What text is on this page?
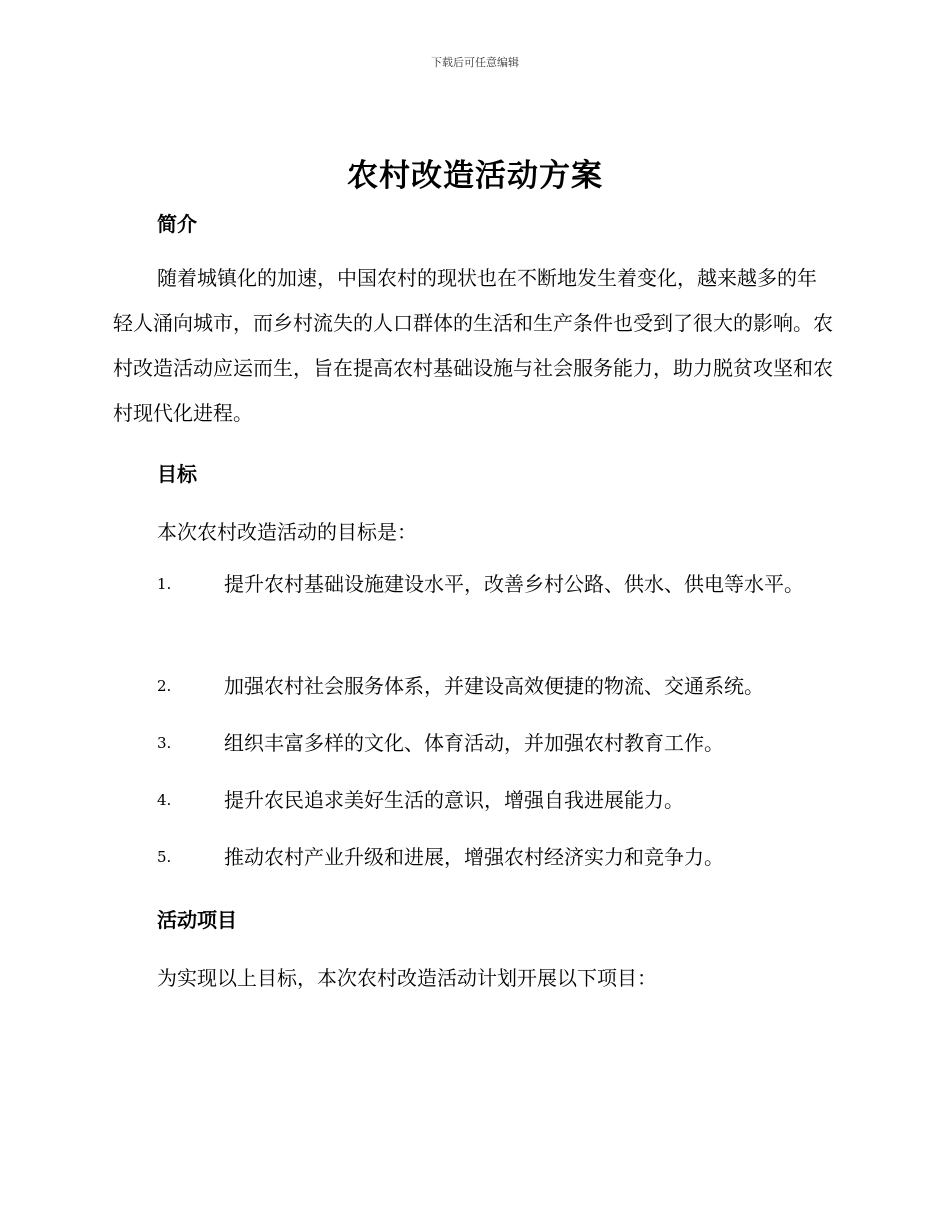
下载后可任意编辑
农村改造活动方案
简介
随着城镇化的加速，中国农村的现状也在不断地发生着变化，越来越多的年轻人涌向城市，而乡村流失的人口群体的生活和生产条件也受到了很大的影响。农村改造活动应运而生，旨在提高农村基础设施与社会服务能力，助力脱贫攻坚和农村现代化进程。
目标
本次农村改造活动的目标是：
1.	提升农村基础设施建设水平，改善乡村公路、供水、供电等水平。
2.	加强农村社会服务体系，并建设高效便捷的物流、交通系统。
3.	组织丰富多样的文化、体育活动，并加强农村教育工作。
4.	提升农民追求美好生活的意识，增强自我进展能力。
5.	推动农村产业升级和进展，增强农村经济实力和竞争力。
活动项目
为实现以上目标，本次农村改造活动计划开展以下项目：
